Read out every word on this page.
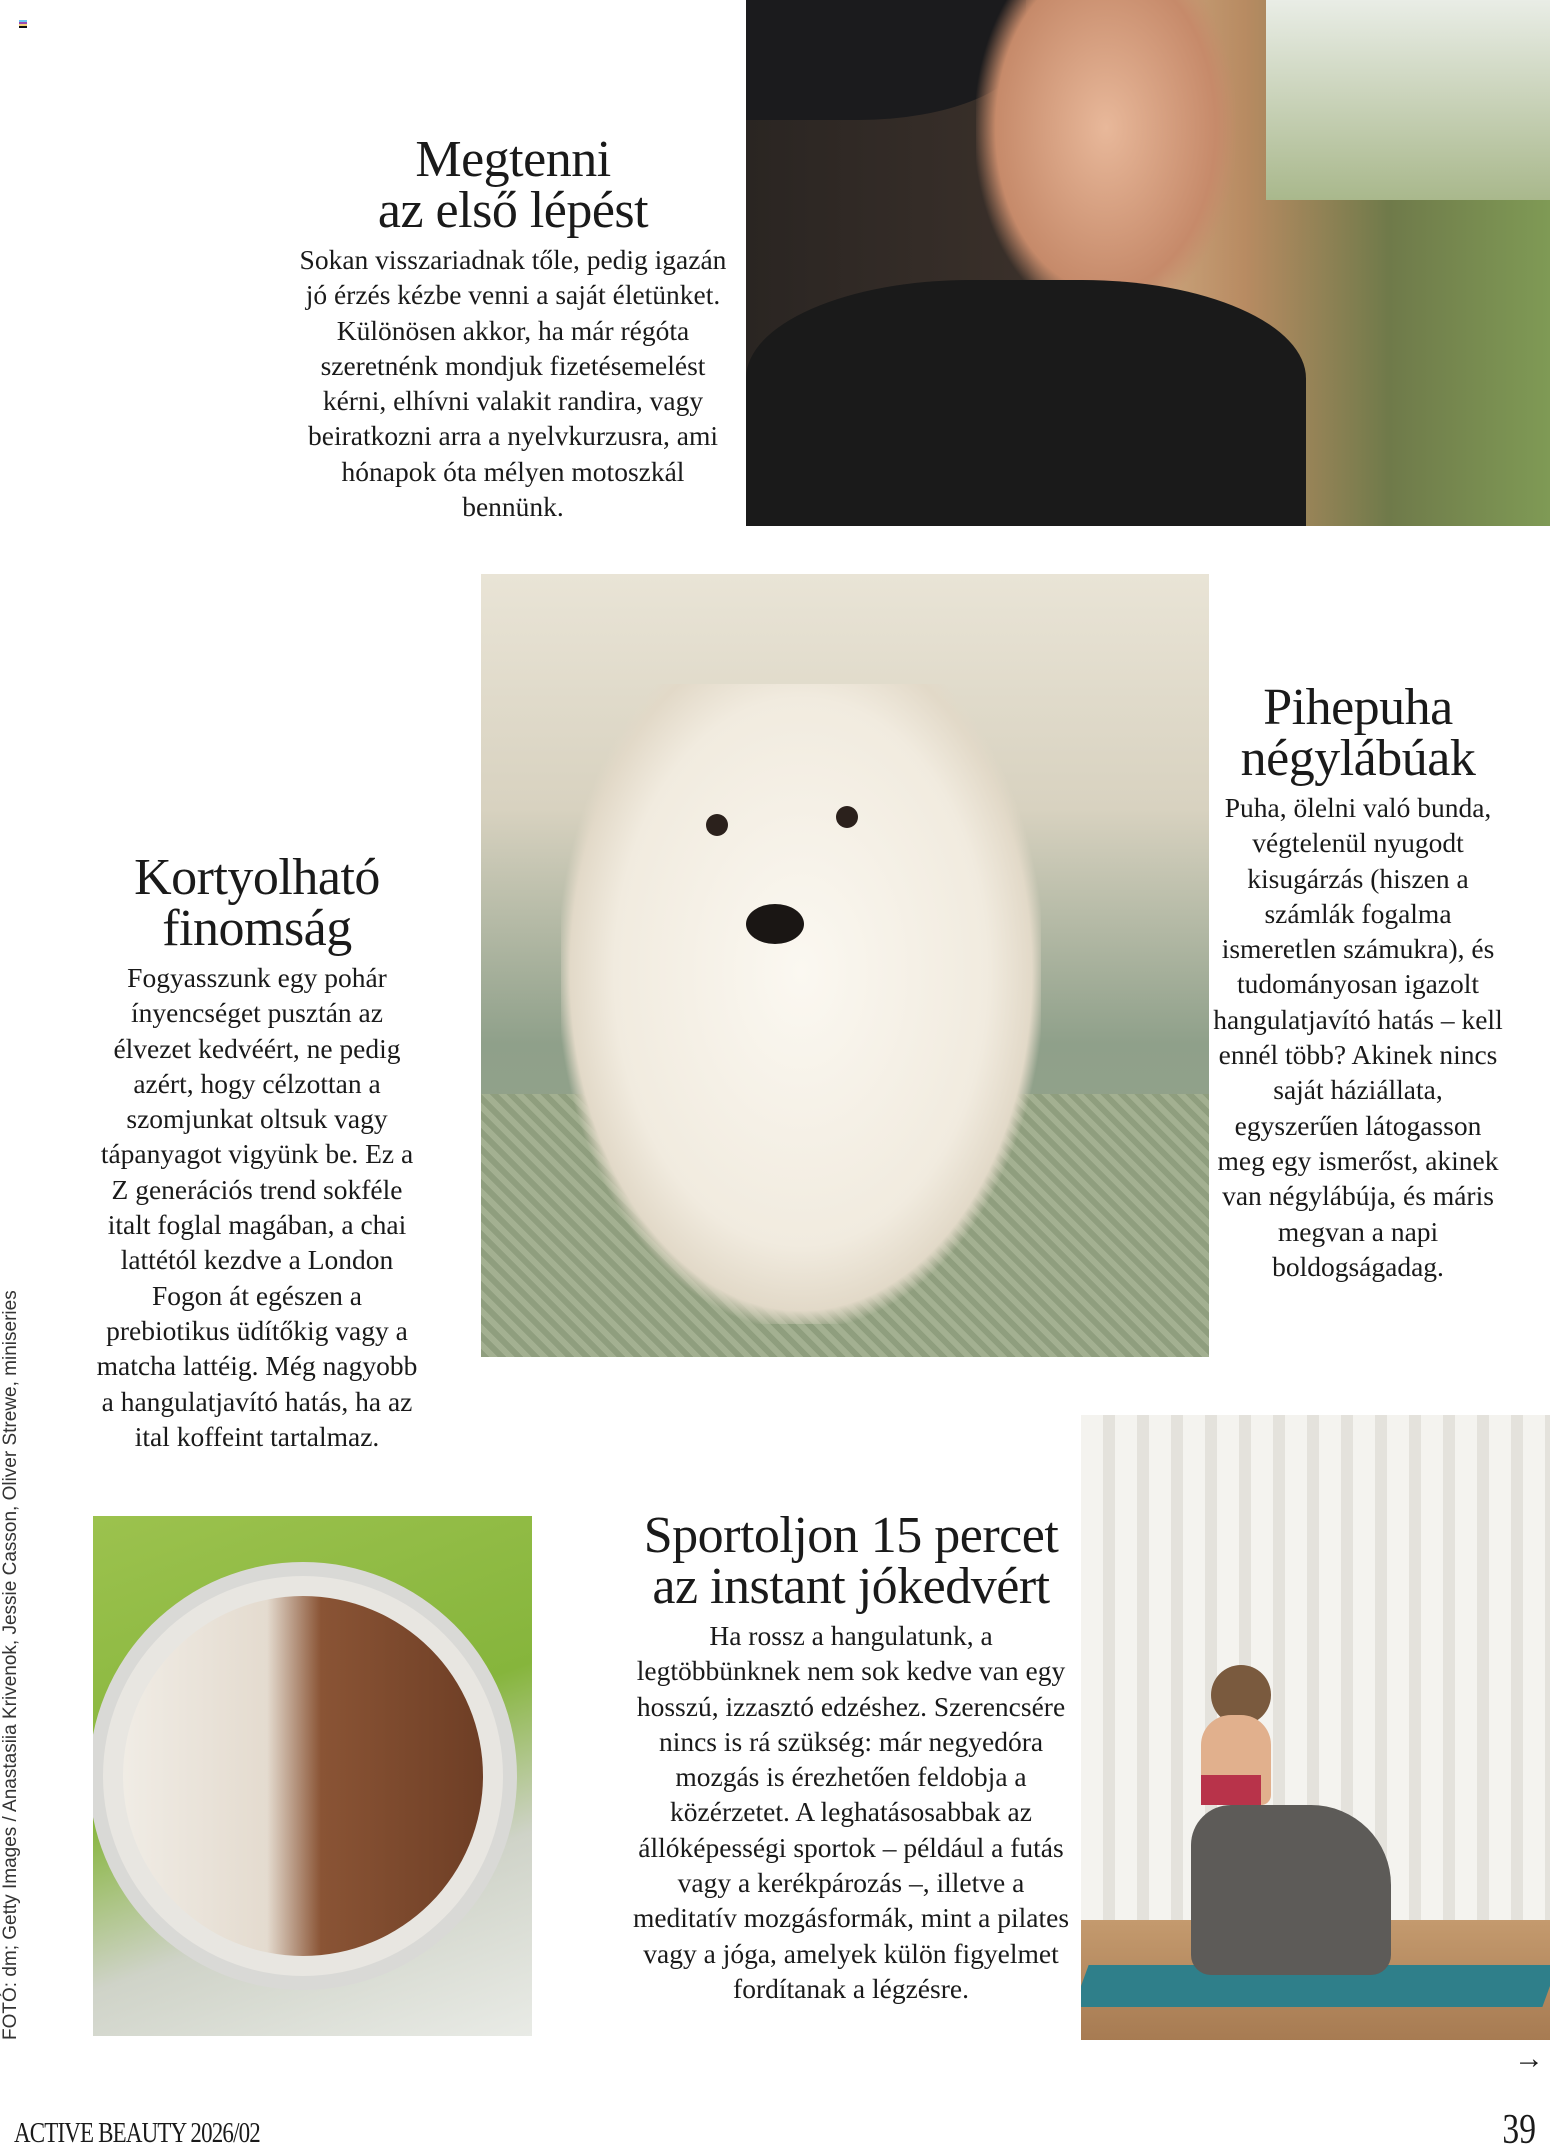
Megtenni
az első lépést

Sokan visszariadnak tőle, pedig igazán jó érzés kézbe venni a saját életünket. Különösen akkor, ha már régóta szeretnénk mondjuk fizetésemelést kérni, elhívni valakit randira, vagy beiratkozni arra a nyelvkurzusra, ami hónapok óta mélyen motoszkál bennünk.

Pihepuha
négylábúak

Puha, ölelni való bunda, végtelenül nyugodt kisugárzás (hiszen a számlák fogalma ismeretlen számukra), és tudományosan igazolt hangulatjavító hatás – kell ennél több? Akinek nincs saját háziállata, egyszerűen látogasson meg egy ismerőst, akinek van négylábúja, és máris megvan a napi boldogságadag.

Kortyolható
finomság

Fogyasszunk egy pohár ínyencséget pusztán az élvezet kedvéért, ne pedig azért, hogy célzottan a szomjunkat oltsuk vagy tápanyagot vigyünk be. Ez a Z generációs trend sokféle italt foglal magában, a chai lattétól kezdve a London Fogon át egészen a prebiotikus üdítőkig vagy a matcha lattéig. Még nagyobb a hangulatjavító hatás, ha az ital koffeint tartalmaz.

Sportoljon 15 percet
az instant jókedvért

Ha rossz a hangulatunk, a legtöbbünknek nem sok kedve van egy hosszú, izzasztó edzéshez. Szerencsére nincs is rá szükség: már negyedóra mozgás is érezhetően feldobja a közérzetet. A leghatásosabbak az állóképességi sportok – például a futás vagy a kerékpározás –, illetve a meditatív mozgásformák, mint a pilates vagy a jóga, amelyek külön figyelmet fordítanak a légzésre.

FOTÓ: dm; Getty Images / Anastasiia Krivenok, Jessie Casson, Oliver Strewe, miniseries
→
ACTIVE BEAUTY 2026/02	39
